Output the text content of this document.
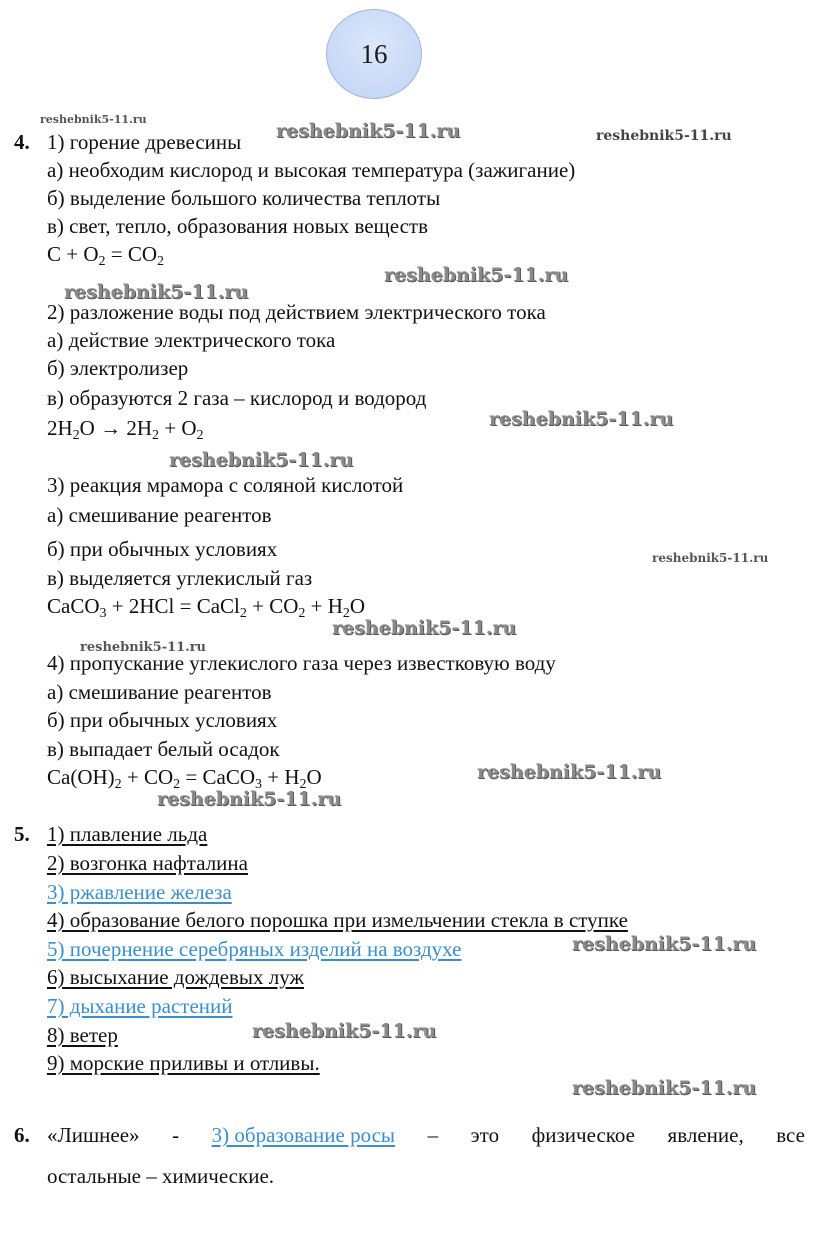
16
4. 1) горение древесины
а) необходим кислород и высокая температура (зажигание)
б) выделение большого количества теплоты
в) свет, тепло, образования новых веществ
$С + О_2 = СО_2$
2) разложение воды под действием электрического тока
а) действие электрического тока
б) электролизер
в) образуются 2 газа – кислород и водород
$2Н_2О \to 2Н_2 + О_2$
3) реакция мрамора с соляной кислотой
а) смешивание реагентов
б) при обычных условиях
в) выделяется углекислый газ
СаСО$_3$ + 2HCl = CaCl$_2$ + $CO_2 + H_2O$
4) пропускание углекислого газа через известковую воду
а) смешивание реагентов
б) при обычных условиях
в) выпадает белый осадок
$Ca(OH)_2 + CO_2$ = CaCO$_3$ + $H_2O$
5. 1) плавление льда
2) возгонка нафталина
3) ржавление железа
4) образование белого порошка при измельчении стекла в ступке
5) почернение серебряных изделий на воздухе
6) высыхание дождевых луж
7) дыхание растений
8) ветер
9) морские приливы и отливы.
6. «Лишнее» - 3) образование росы – это физическое явление, все
остальные – химические.
reshebnik5-11.ru
reshebnik5-11.ru	reshebnik5-11.ru
reshebnik5-11.ru
reshebnik5-11.ru
reshebnik5-11.ru
reshebnik5-11.ru
reshebnik5-11.ru
reshebnik5-11.ru
reshebnik5-11.ru
reshebnik5-11.ru
reshebnik5-11.ru
reshebnik5-11.ru
reshebnik5-11.ru
reshebnik5-11.ru
